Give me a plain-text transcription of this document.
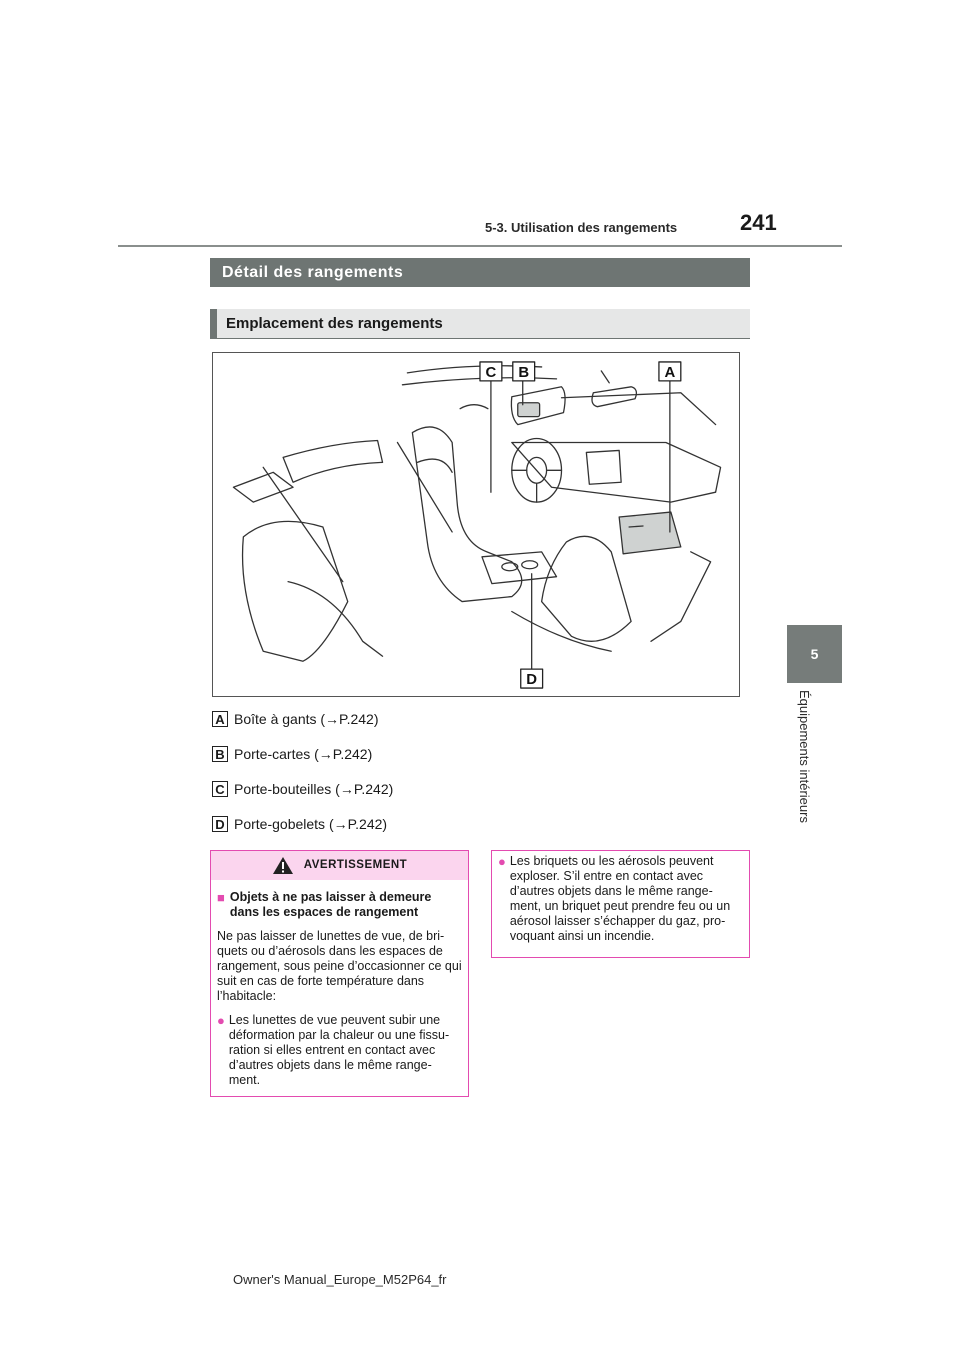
241
5-3. Utilisation des rangements
5
Équipements intérieurs
Détail des rangements
Emplacement des rangements
C B	A
D
A Boîte à gants (→P.242)
B Porte-cartes (→P.242)
C Porte-bouteilles (→P.242)
D Porte-gobelets (→P.242)
AVERTISSEMENT
■ Objets à ne pas laisser à demeure dans les espaces de rangement
Ne pas laisser de lunettes de vue, de bri-quets ou d’aérosols dans les espaces de rangement, sous peine d’occasionner ce qui suit en cas de forte température dans l’habitacle:
● Les lunettes de vue peuvent subir une déformation par la chaleur ou une fissu-ration si elles entrent en contact avec d’autres objets dans le même range-ment.
● Les briquets ou les aérosols peuvent exploser. S’il entre en contact avec d’autres objets dans le même range-ment, un briquet peut prendre feu ou un aérosol laisser s’échapper du gaz, pro-voquant ainsi un incendie.
Owner's Manual_Europe_M52P64_fr
